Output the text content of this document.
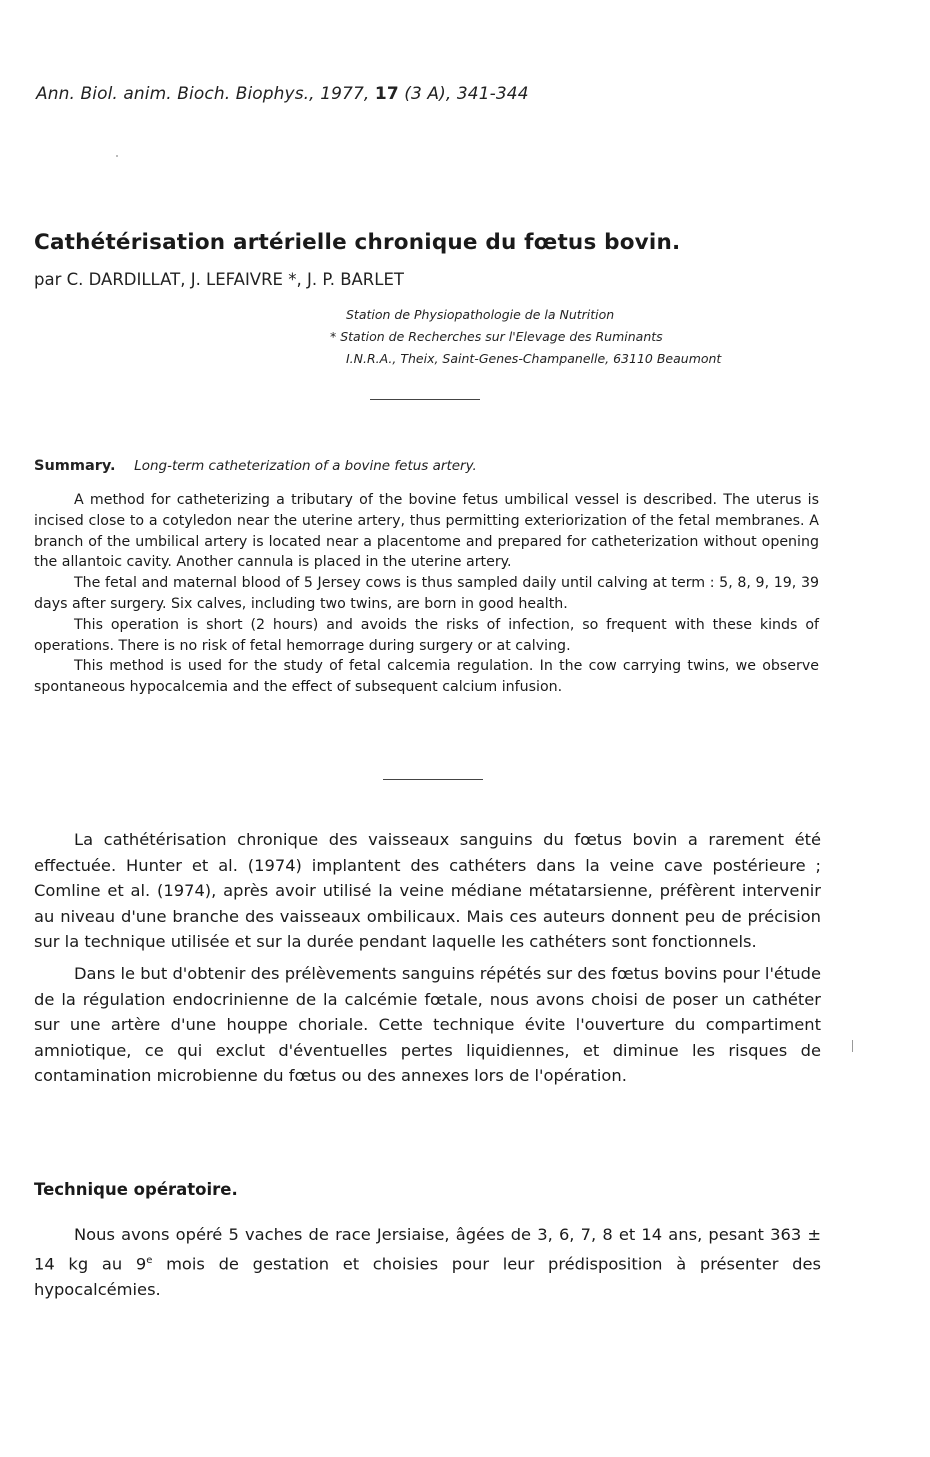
Ann. Biol. anim. Bioch. Biophys., 1977, 17 (3 A), 341-344
Cathétérisation artérielle chronique du fœtus bovin.
par C. DARDILLAT, J. LEFAIVRE *, J. P. BARLET
Station de Physiopathologie de la Nutrition
* Station de Recherches sur l'Elevage des Ruminants
I.N.R.A., Theix, Saint-Genes-Champanelle, 63110 Beaumont
Summary. Long-term catheterization of a bovine fetus artery.

A method for catheterizing a tributary of the bovine fetus umbilical vessel is described. The uterus is incised close to a cotyledon near the uterine artery, thus permitting exteriorization of the fetal membranes. A branch of the umbilical artery is located near a placentome and prepared for catheterization without opening the allantoic cavity. Another cannula is placed in the uterine artery.

The fetal and maternal blood of 5 Jersey cows is thus sampled daily until calving at term : 5, 8, 9, 19, 39 days after surgery. Six calves, including two twins, are born in good health.

This operation is short (2 hours) and avoids the risks of infection, so frequent with these kinds of operations. There is no risk of fetal hemorrage during surgery or at calving.

This method is used for the study of fetal calcemia regulation. In the cow carrying twins, we observe spontaneous hypocalcemia and the effect of subsequent calcium infusion.

La cathétérisation chronique des vaisseaux sanguins du fœtus bovin a rarement été effectuée. Hunter et al. (1974) implantent des cathéters dans la veine cave postérieure ; Comline et al. (1974), après avoir utilisé la veine médiane métatarsienne, préfèrent intervenir au niveau d'une branche des vaisseaux ombilicaux. Mais ces auteurs donnent peu de précision sur la technique utilisée et sur la durée pendant laquelle les cathéters sont fonctionnels.

Dans le but d'obtenir des prélèvements sanguins répétés sur des fœtus bovins pour l'étude de la régulation endocrinienne de la calcémie fœtale, nous avons choisi de poser un cathéter sur une artère d'une houppe choriale. Cette technique évite l'ouverture du compartiment amniotique, ce qui exclut d'éventuelles pertes liquidiennes, et diminue les risques de contamination microbienne du fœtus ou des annexes lors de l'opération.

Technique opératoire.

Nous avons opéré 5 vaches de race Jersiaise, âgées de 3, 6, 7, 8 et 14 ans, pesant 363 ± 14 kg au 9e mois de gestation et choisies pour leur prédisposition à présenter des hypocalcémies.
